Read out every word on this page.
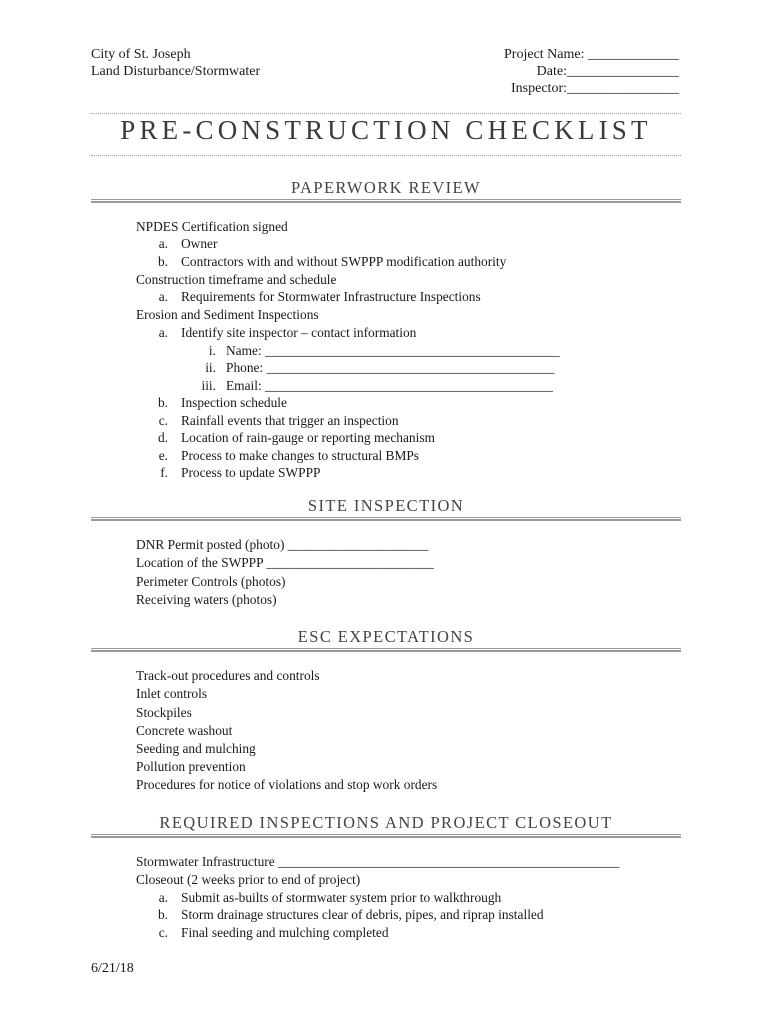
City of St. Joseph
Land Disturbance/Stormwater
Project Name: _____________
Date:________________
Inspector:________________
PRE-CONSTRUCTION CHECKLIST
PAPERWORK REVIEW
NPDES Certification signed
a. Owner
b. Contractors with and without SWPPP modification authority
Construction timeframe and schedule
a. Requirements for Stormwater Infrastructure Inspections
Erosion and Sediment Inspections
a. Identify site inspector – contact information
i. Name: ____________________________________________
ii. Phone: ___________________________________________
iii. Email: ___________________________________________
b. Inspection schedule
c. Rainfall events that trigger an inspection
d. Location of rain-gauge or reporting mechanism
e. Process to make changes to structural BMPs
f. Process to update SWPPP
SITE INSPECTION
DNR Permit posted (photo) _____________________
Location of the SWPPP _________________________
Perimeter Controls (photos)
Receiving waters (photos)
ESC EXPECTATIONS
Track-out procedures and controls
Inlet controls
Stockpiles
Concrete washout
Seeding and mulching
Pollution prevention
Procedures for notice of violations and stop work orders
REQUIRED INSPECTIONS AND PROJECT CLOSEOUT
Stormwater Infrastructure ___________________________________________________
Closeout (2 weeks prior to end of project)
a. Submit as-builts of stormwater system prior to walkthrough
b. Storm drainage structures clear of debris, pipes, and riprap installed
c. Final seeding and mulching completed
6/21/18
